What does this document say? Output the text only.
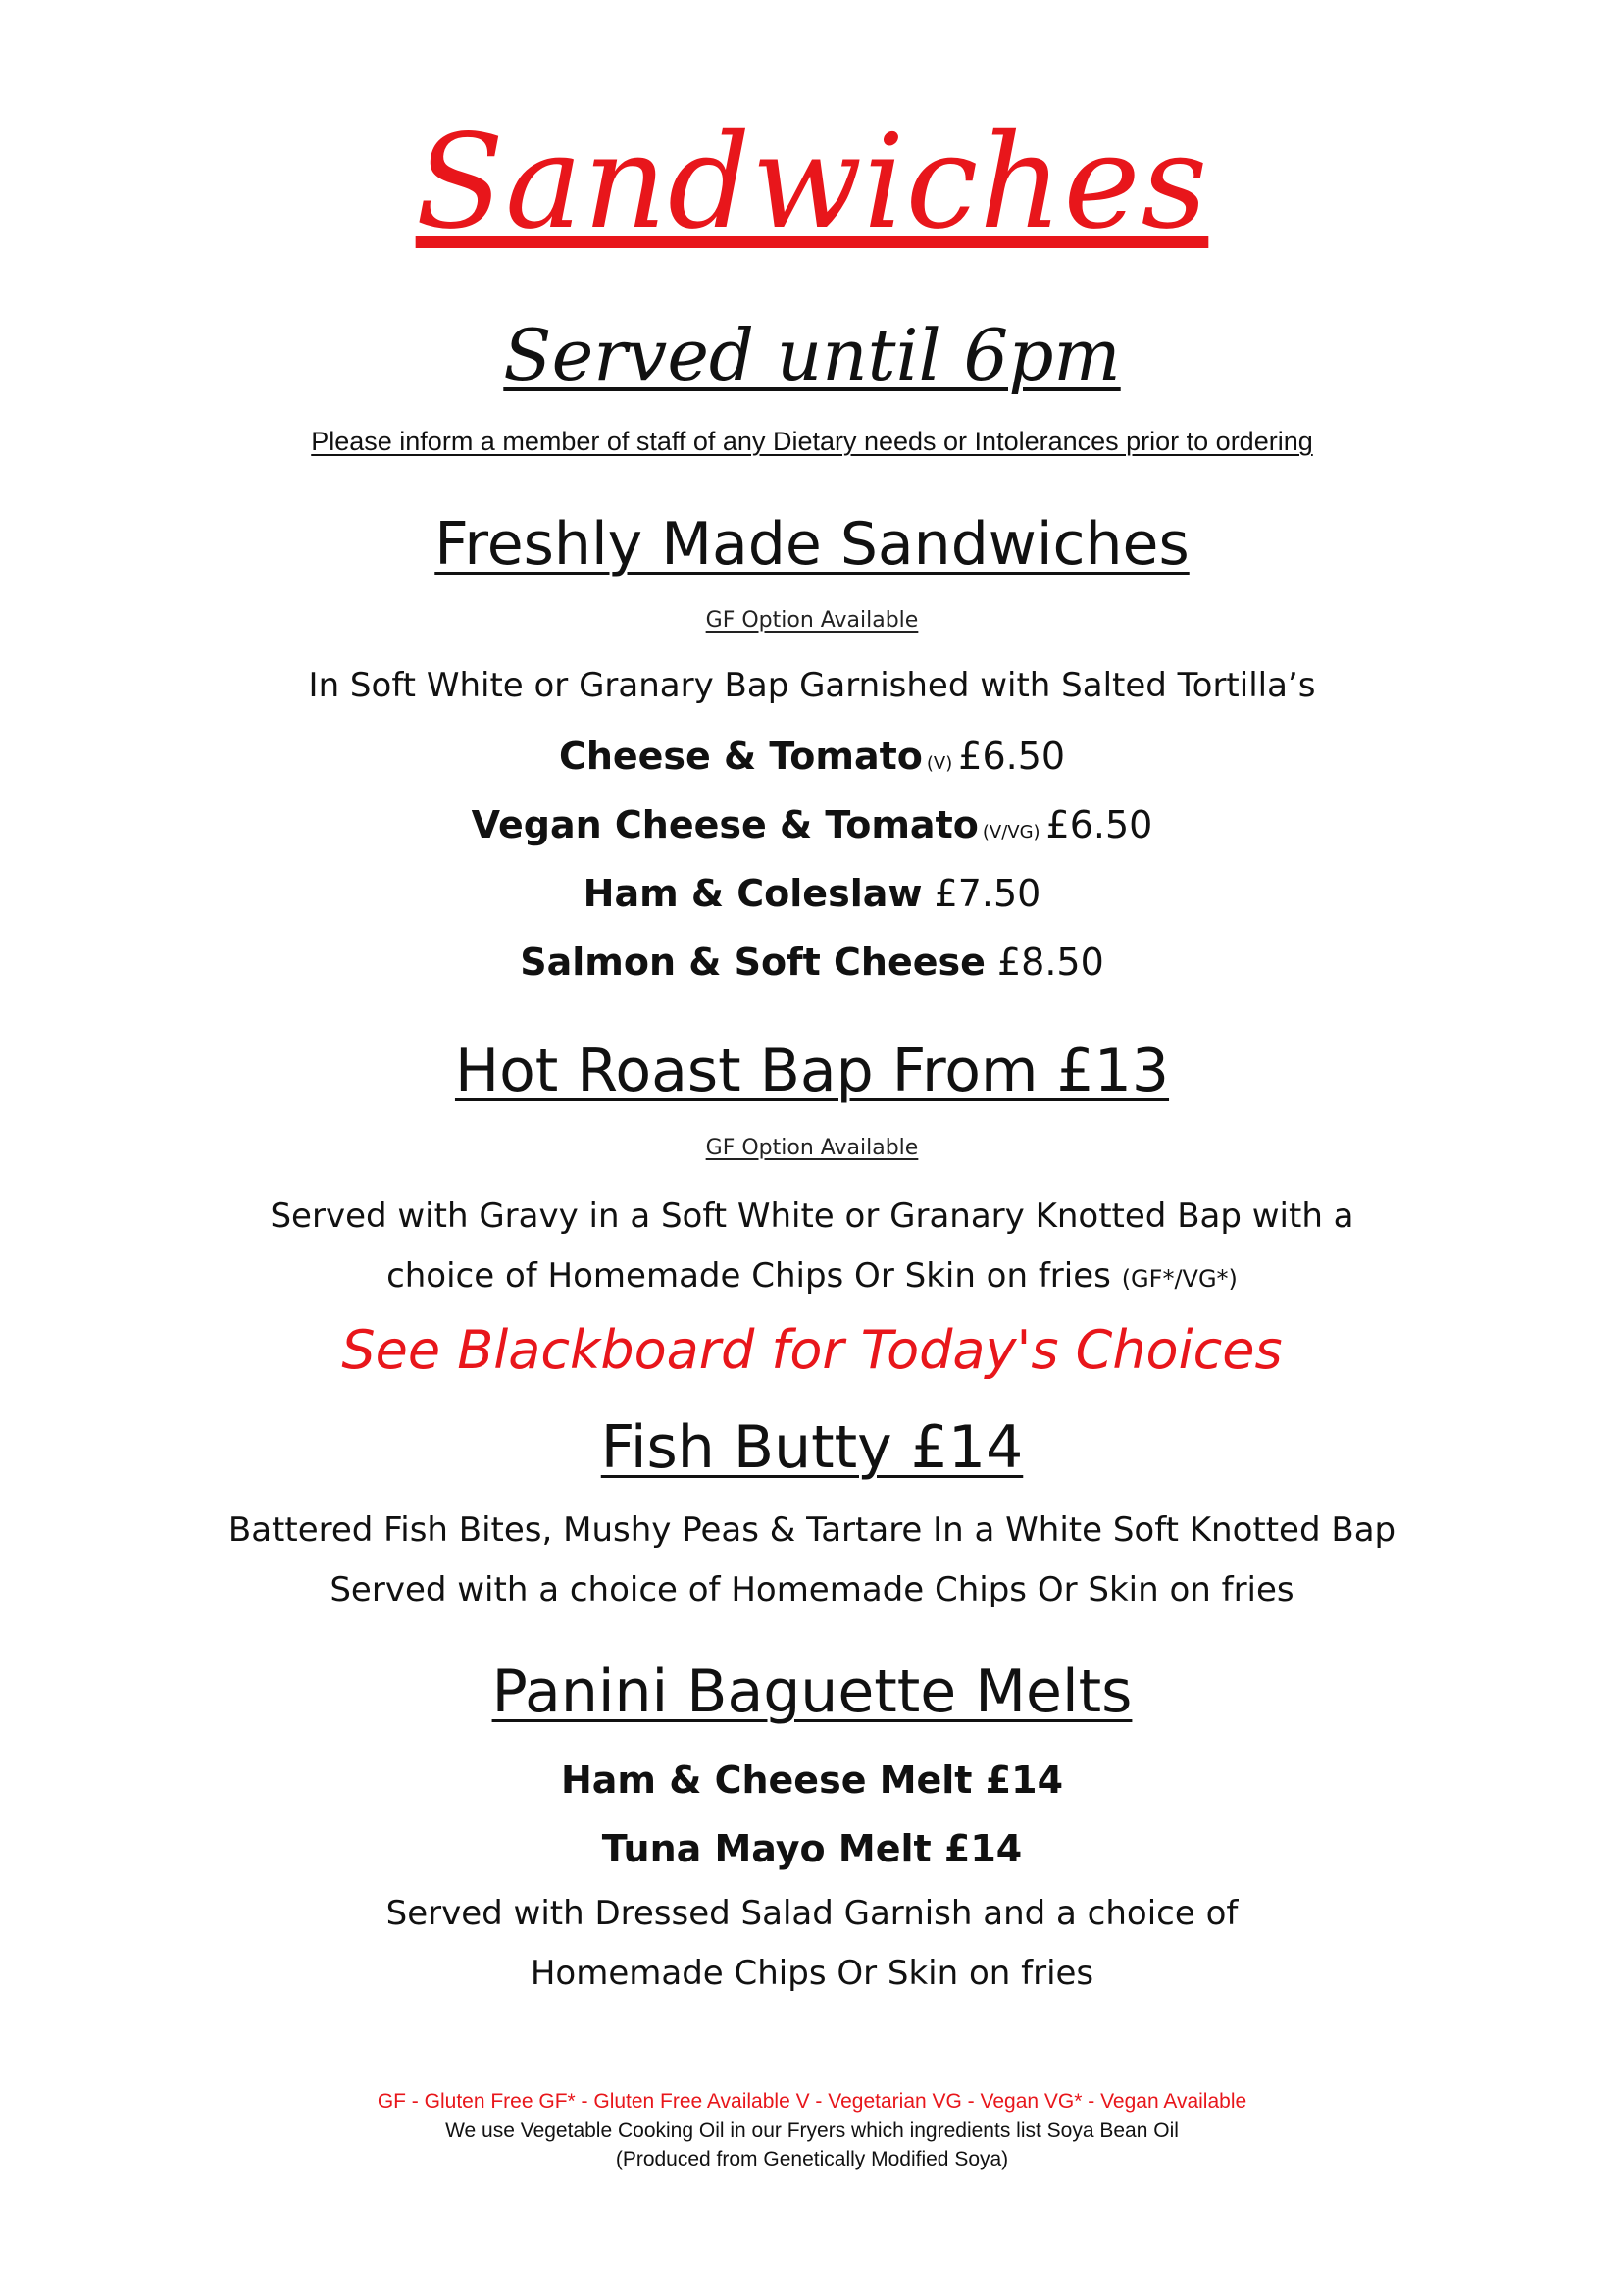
Sandwiches
Served until 6pm
Please inform a member of staff of any Dietary needs or Intolerances prior to ordering
Freshly Made Sandwiches
GF Option Available
In Soft White or Granary Bap Garnished with Salted Tortilla’s
Cheese & Tomato (V) £6.50
Vegan Cheese & Tomato (V/VG) £6.50
Ham & Coleslaw £7.50
Salmon & Soft Cheese £8.50
Hot Roast Bap From £13
GF Option Available
Served with Gravy in a Soft White or Granary Knotted Bap with a
choice of Homemade Chips Or Skin on fries (GF*/VG*)
See Blackboard for Today's Choices
Fish Butty £14
Battered Fish Bites, Mushy Peas & Tartare In a White Soft Knotted Bap
Served with a choice of Homemade Chips Or Skin on fries
Panini Baguette Melts
Ham & Cheese Melt £14
Tuna Mayo Melt £14
Served with Dressed Salad Garnish and a choice of
Homemade Chips Or Skin on fries
GF - Gluten Free GF* - Gluten Free Available V - Vegetarian VG - Vegan VG* - Vegan Available
We use Vegetable Cooking Oil in our Fryers which ingredients list Soya Bean Oil
(Produced from Genetically Modified Soya)
